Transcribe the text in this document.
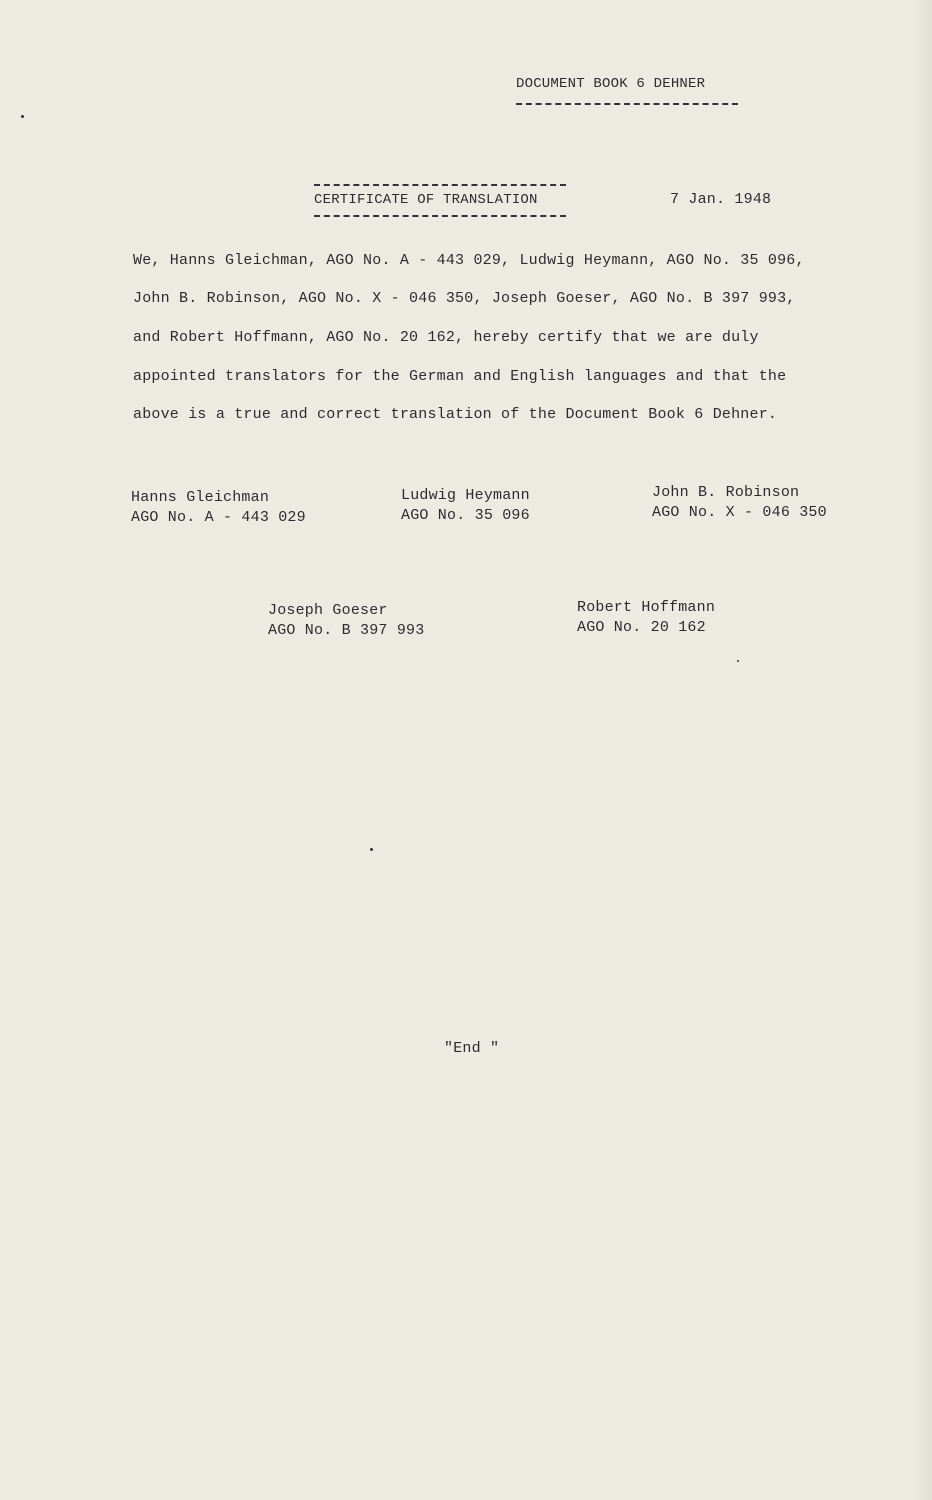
DOCUMENT BOOK 6 DEHNER
CERTIFICATE OF TRANSLATION	7 Jan. 1948
We, Hanns Gleichman, AGO No. A - 443 029, Ludwig Heymann, AGO No. 35 096,
John B. Robinson, AGO No. X - 046 350, Joseph Goeser, AGO No. B 397 993,
and Robert Hoffmann, AGO No. 20 162, hereby certify that we are duly
appointed translators for the German and English languages and that the
above is a true and correct translation of the Document Book 6 Dehner.
Hanns Gleichman
AGO No. A - 443 029
Ludwig Heymann
AGO No. 35 096
John B. Robinson
AGO No. X - 046 350
Joseph Goeser
AGO No. B 397 993
Robert Hoffmann
AGO No. 20 162
"End "
